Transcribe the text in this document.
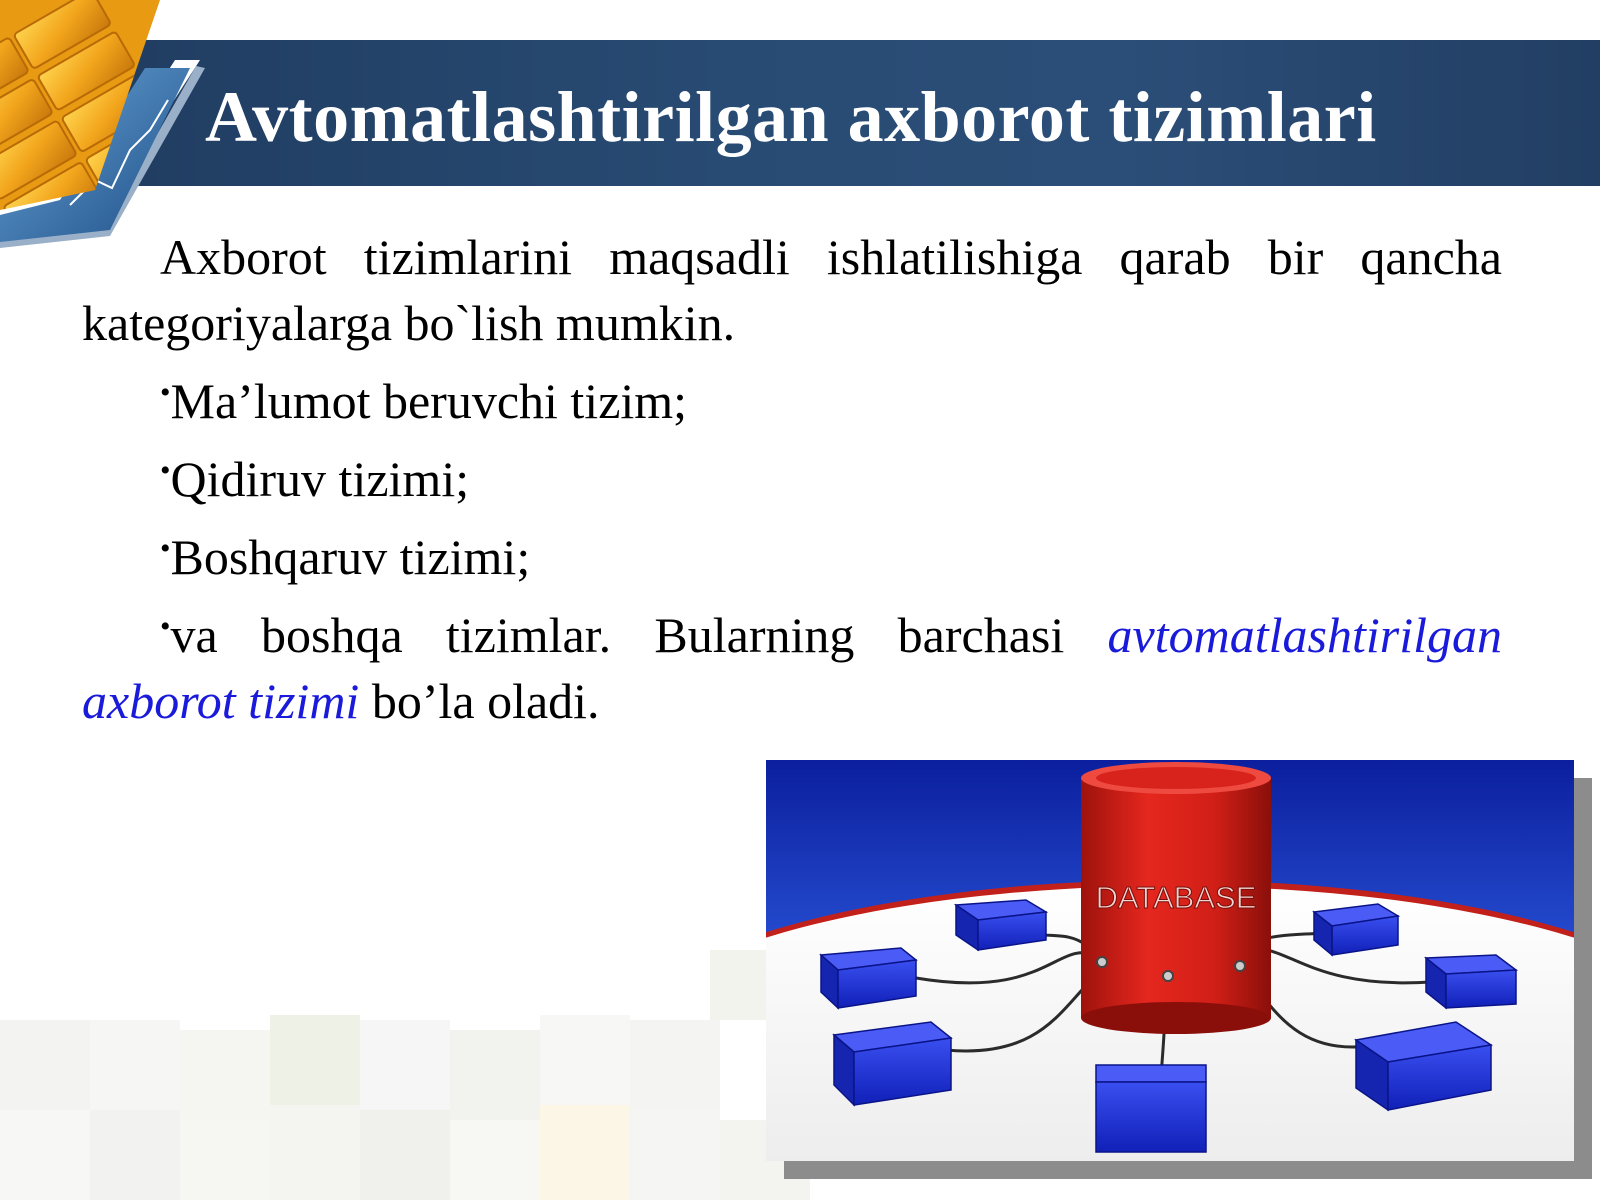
Avtomatlashtirilgan axborot tizimlari

Axborot tizimlarini maqsadli ishlatilishiga qarab bir qancha kategoriyalarga bo`lish mumkin.

•Ma’lumot beruvchi tizim;

•Qidiruv tizimi;

•Boshqaruv tizimi;

•va boshqa tizimlar. Bularning barchasi avtomatlashtirilgan axborot tizimi bo’la oladi.

DATABASE
